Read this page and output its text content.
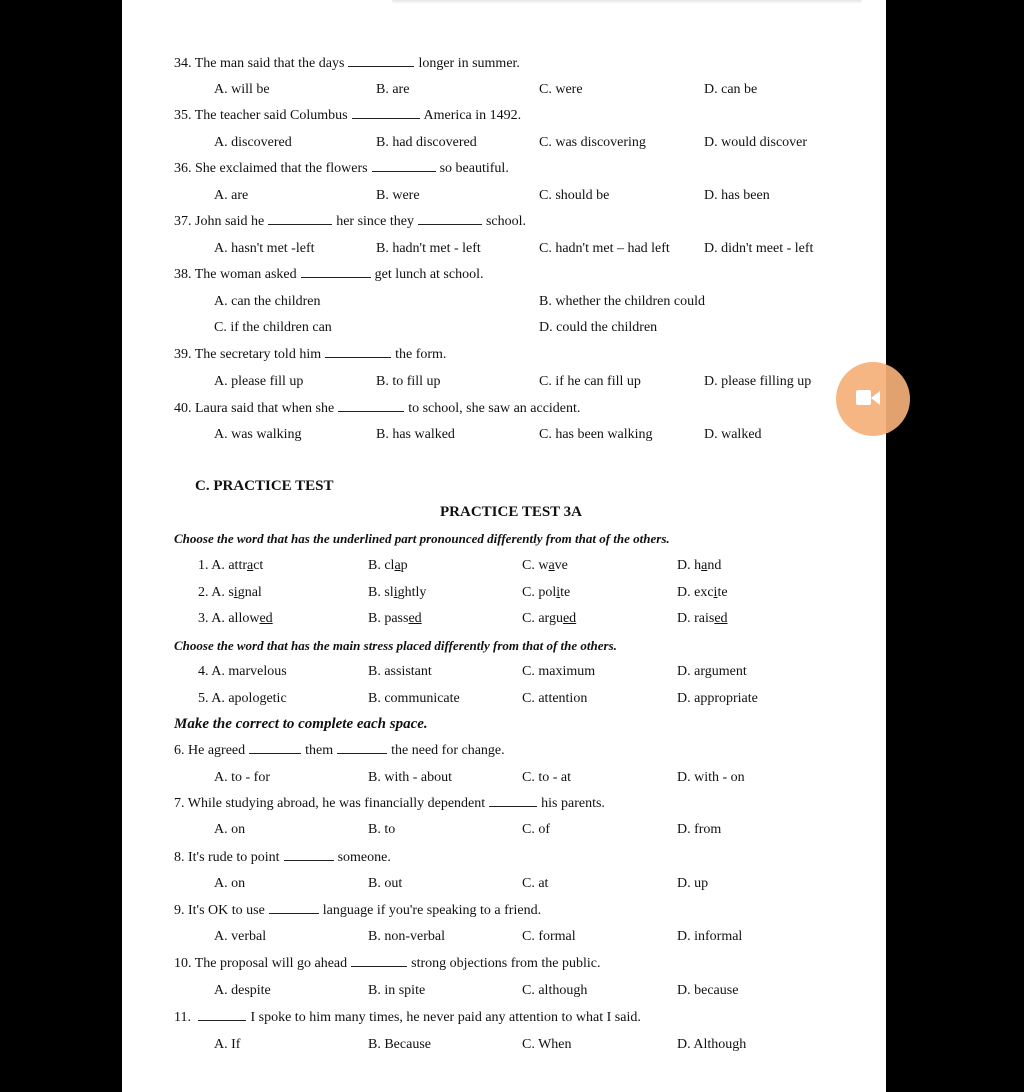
34. The man said that the days	longer in summer.
A. will be	B. are	C. were	D. can be
35. The teacher said Columbus	America in 1492.
A. discovered	B. had discovered	C. was discovering	D. would discover
36. She exclaimed that the flowers	so beautiful.
A. are	B. were	C. should be	D. has been
37. John said he	her since they	school.
A. hasn't met -left	B. hadn't met - left	C. hadn't met – had left D. didn't meet - left
38. The woman asked	get lunch at school.
A. can the children	B. whether the children could
C. if the children can	D. could the children
39. The secretary told him	the form.
A. please fill up	B. to fill up	C. if he can fill up	D. please filling up
40. Laura said that when she	to school, she saw an accident.
A. was walking	B. has walked	C. has been walking	D. walked
C. PRACTICE TEST
PRACTICE TEST 3A
Choose the word that has the underlined part pronounced differently from that of the others.
1. A. attract	B. clap	C. wave	D. hand
2. A. signal	B. slightly	C. polite	D. excite
3. A. allowed	B. passed	C. argued	D. raised
Choose the word that has the main stress placed differently from that of the others.
4. A. marvelous	B. assistant	C. maximum	D. argument
5. A. apologetic	B. communicate	C. attention	D. appropriate
Make the correct to complete each space.
6. He agreed	them	the need for change.
A. to - for	B. with - about	C. to - at	D. with - on
7. While studying abroad, he was financially dependent	his parents.
A. on	B. to	C. of	D. from
8. It's rude to point	someone.
A. on	B. out	C. at	D. up
9. It's OK to use	language if you're speaking to a friend.
A. verbal	B. non-verbal	C. formal	D. informal
10. The proposal will go ahead	strong objections from the public.
A. despite	B. in spite	C. although	D. because
11.	I spoke to him many times, he never paid any attention to what I said.
A. If	B. Because	C. When	D. Although
